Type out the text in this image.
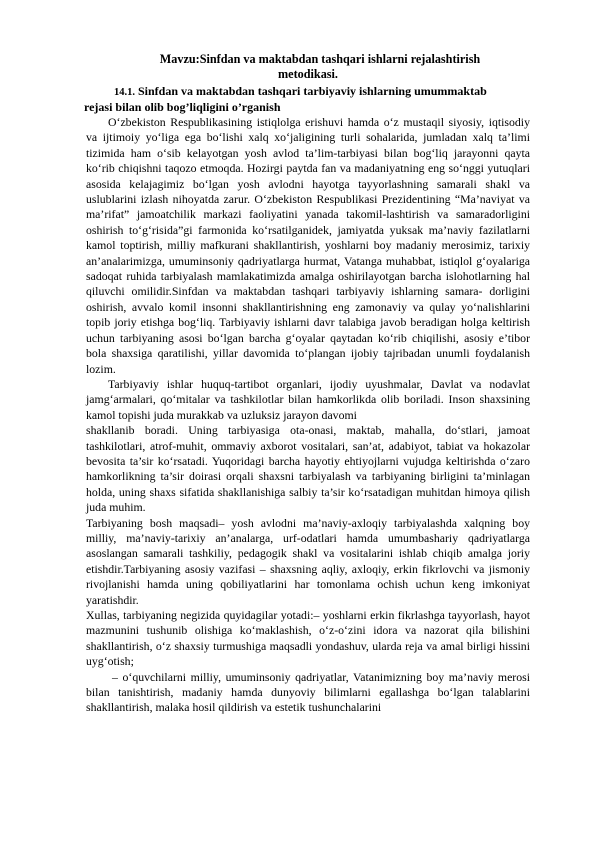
Mavzu:Sinfdan va maktabdan tashqari ishlarni rejalashtirish
metodikasi.
14.1. Sinfdan va maktabdan tashqari tarbiyaviy ishlarning umummaktab
rejasi bilan olib bog’liqligini o’rganish

O‘zbekiston Respublikasining istiqlolga erishuvi hamda o‘z mustaqil siyosiy, iqtisodiy va ijtimoiy yo‘liga ega bo‘lishi xalq xo‘jaligining turli sohalarida, jumladan xalq ta’limi tizimida ham o‘sib kelayotgan yosh avlod ta’lim-tarbiyasi bilan bog‘liq jarayonni qayta ko‘rib chiqishni taqozo etmoqda. Hozirgi paytda fan va madaniyatning eng so‘nggi yutuqlari asosida kelajagimiz bo‘lgan yosh avlodni hayotga tayyorlashning samarali shakl va uslublarini izlash nihoyatda zarur. O‘zbekiston Respublikasi Prezidentining “Ma’naviyat va ma’rifat” jamoatchilik markazi faoliyatini yanada takomil-lashtirish va samaradorligini oshirish to‘g‘risida”gi farmonida ko‘rsatilganidek, jamiyatda yuksak ma’naviy fazilatlarni kamol toptirish, milliy mafkurani shakllantirish, yoshlarni boy madaniy merosimiz, tarixiy an’analarimizga, umuminsoniy qadriyatlarga hurmat, Vatanga muhabbat, istiqlol g‘oyalariga sadoqat ruhida tarbiyalash mamlakatimizda amalga oshirilayotgan barcha islohotlarning hal qiluvchi omilidir.Sinfdan va maktabdan tashqari tarbiyaviy ishlarning samara- dorligini oshirish, avvalo komil insonni shakllantirishning eng zamonaviy va qulay yo‘nalishlarini topib joriy etishga bog‘liq. Tarbiyaviy ishlarni davr talabiga javob beradigan holga keltirish uchun tarbiyaning asosi bo‘lgan barcha g‘oyalar qaytadan ko‘rib chiqilishi, asosiy e’tibor bola shaxsiga qaratilishi, yillar davomida to‘plangan ijobiy tajribadan unumli foydalanish lozim.

Tarbiyaviy ishlar huquq-tartibot organlari, ijodiy uyushmalar, Davlat va nodavlat jamg‘armalari, qo‘mitalar va tashkilotlar bilan hamkorlikda olib boriladi. Inson shaxsining kamol topishi juda murakkab va uzluksiz jarayon davomi

shakllanib boradi. Uning tarbiyasiga ota-onasi, maktab, mahalla, do‘stlari, jamoat tashkilotlari, atrof-muhit, ommaviy axborot vositalari, san’at, adabiyot, tabiat va hokazolar bevosita ta’sir ko‘rsatadi. Yuqoridagi barcha hayotiy ehtiyojlarni vujudga keltirishda o‘zaro hamkorlikning ta’sir doirasi orqali shaxsni tarbiyalash va tarbiyaning birligini ta’minlagan holda, uning shaxs sifatida shakllanishiga salbiy ta’sir ko‘rsatadigan muhitdan himoya qilish juda muhim.

Tarbiyaning bosh maqsadi– yosh avlodni ma’naviy-axloqiy tarbiyalashda xalqning boy milliy, ma’naviy-tarixiy an’analarga, urf-odatlari hamda umumbashariy qadriyatlarga asoslangan samarali tashkiliy, pedagogik shakl va vositalarini ishlab chiqib amalga joriy etishdir.Tarbiyaning asosiy vazifasi – shaxsning aqliy, axloqiy, erkin fikrlovchi va jismoniy rivojlanishi hamda uning qobiliyatlarini har tomonlama ochish uchun keng imkoniyat yaratishdir.

Xullas, tarbiyaning negizida quyidagilar yotadi:– yoshlarni erkin fikrlashga tayyorlash, hayot mazmunini tushunib olishiga ko‘maklashish, o‘z-o‘zini idora va nazorat qila bilishini shakllantirish, o‘z shaxsiy turmushiga maqsadli yondashuv, ularda reja va amal birligi hissini uyg‘otish;

– o‘quvchilarni milliy, umuminsoniy qadriyatlar, Vatanimizning boy ma’naviy merosi bilan tanishtirish, madaniy hamda dunyoviy bilimlarni egallashga bo‘lgan talablarini shakllantirish, malaka hosil qildirish va estetik tushunchalarini
